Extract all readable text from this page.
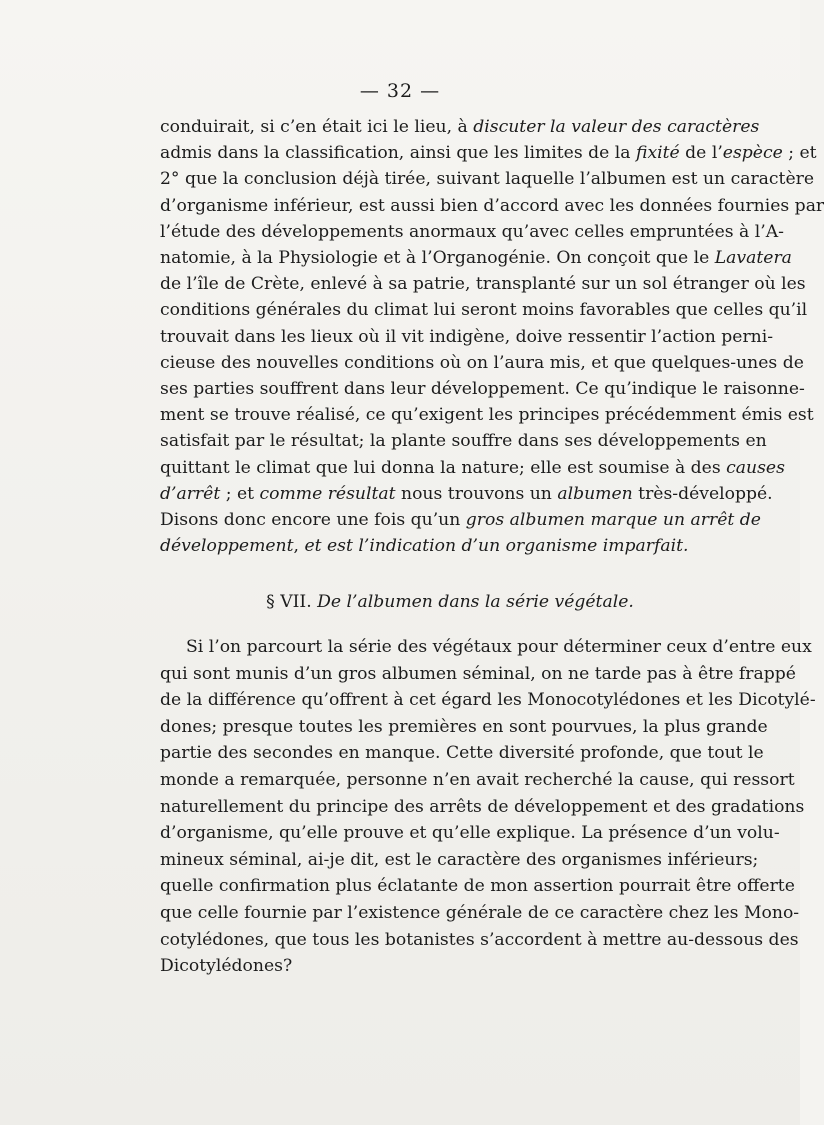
— 32 —
conduirait, si c’en était ici le lieu, à discuter la valeur des caractères
admis dans la classification, ainsi que les limites de la fixité de l’espèce ; et
2° que la conclusion déjà tirée, suivant laquelle l’albumen est un caractère
d’organisme inférieur, est aussi bien d’accord avec les données fournies par
l’étude des développements anormaux qu’avec celles empruntées à l’A-
natomie, à la Physiologie et à l’Organogénie. On conçoit que le Lavatera
de l’île de Crète, enlevé à sa patrie, transplanté sur un sol étranger où les
conditions générales du climat lui seront moins favorables que celles qu’il
trouvait dans les lieux où il vit indigène, doive ressentir l’action perni-
cieuse des nouvelles conditions où on l’aura mis, et que quelques-unes de
ses parties souffrent dans leur développement. Ce qu’indique le raisonne-
ment se trouve réalisé, ce qu’exigent les principes précédemment émis est
satisfait par le résultat; la plante souffre dans ses développements en
quittant le climat que lui donna la nature; elle est soumise à des causes
d’arrêt ; et comme résultat nous trouvons un albumen très-développé.
Disons donc encore une fois qu’un gros albumen marque un arrêt de
développement, et est l’indication d’un organisme imparfait.
§ VII. De l’albumen dans la série végétale.
Si l’on parcourt la série des végétaux pour déterminer ceux d’entre eux
qui sont munis d’un gros albumen séminal, on ne tarde pas à être frappé
de la différence qu’offrent à cet égard les Monocotylédones et les Dicotylé-
dones; presque toutes les premières en sont pourvues, la plus grande
partie des secondes en manque. Cette diversité profonde, que tout le
monde a remarquée, personne n’en avait recherché la cause, qui ressort
naturellement du principe des arrêts de développement et des gradations
d’organisme, qu’elle prouve et qu’elle explique. La présence d’un volu-
mineux séminal, ai-je dit, est le caractère des organismes inférieurs;
quelle confirmation plus éclatante de mon assertion pourrait être offerte
que celle fournie par l’existence générale de ce caractère chez les Mono-
cotylédones, que tous les botanistes s’accordent à mettre au-dessous des
Dicotylédones?
